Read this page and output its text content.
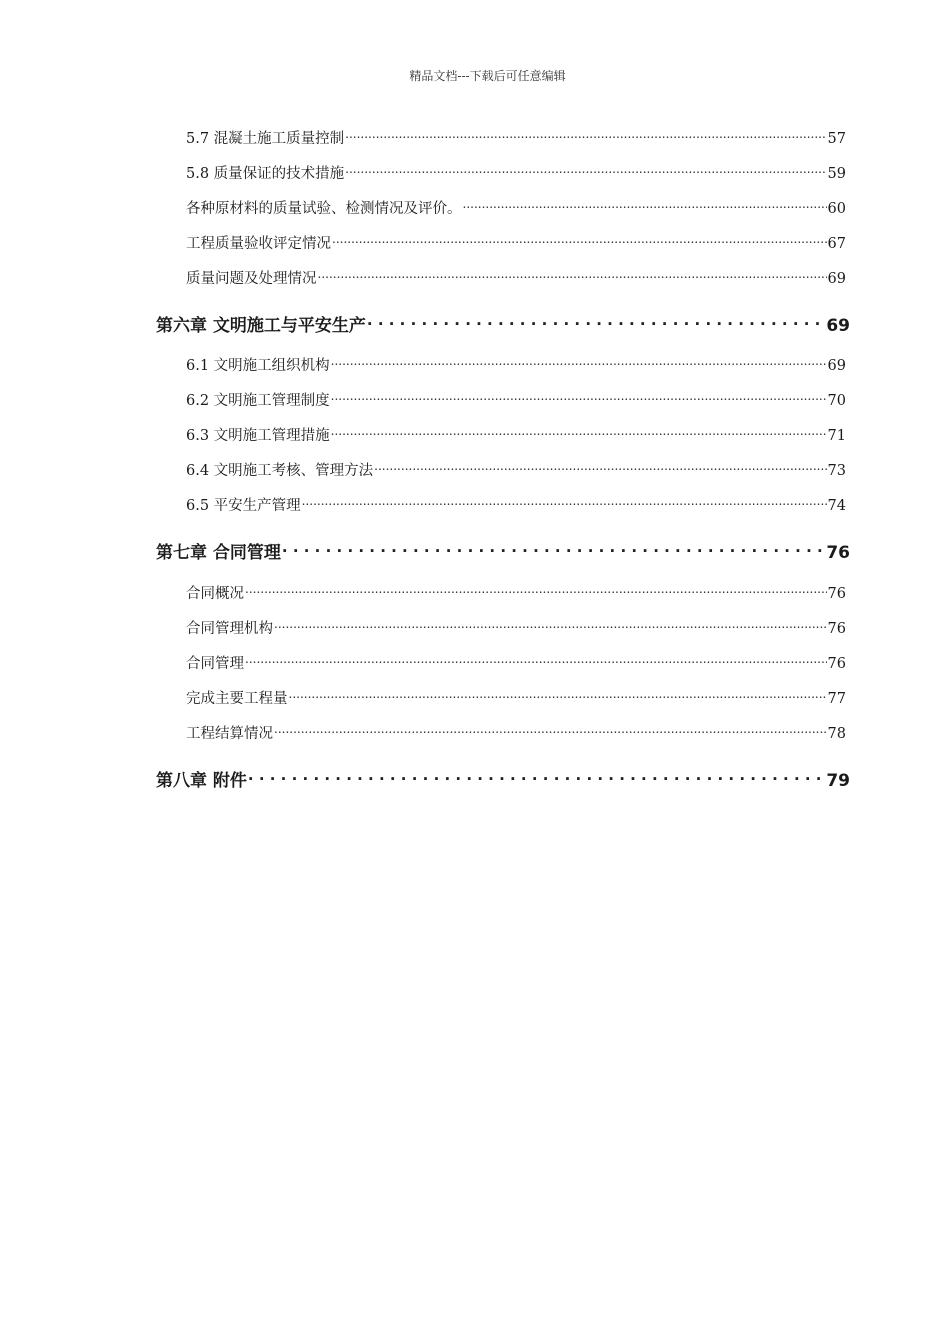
精品文档---下载后可任意编辑
5.7 混凝土施工质量控制 .....	57
5.8 质量保证的技术措施 .....	59
各种原材料的质量试验、检测情况及评价。 .....	60
工程质量验收评定情况 .....	67
质量问题及处理情况 .....	69
第六章 文明施工与平安生产 . . .	69
6.1 文明施工组织机构 .....	69
6.2 文明施工管理制度 .....	70
6.3 文明施工管理措施 .....	71
6.4 文明施工考核、管理方法 .....	73
6.5 平安生产管理 .....	74
第七章 合同管理 . . .	76
合同概况 .....	76
合同管理机构 .....	76
合同管理 .....	76
完成主要工程量 .....	77
工程结算情况 .....	78
第八章 附件 . . .	79
